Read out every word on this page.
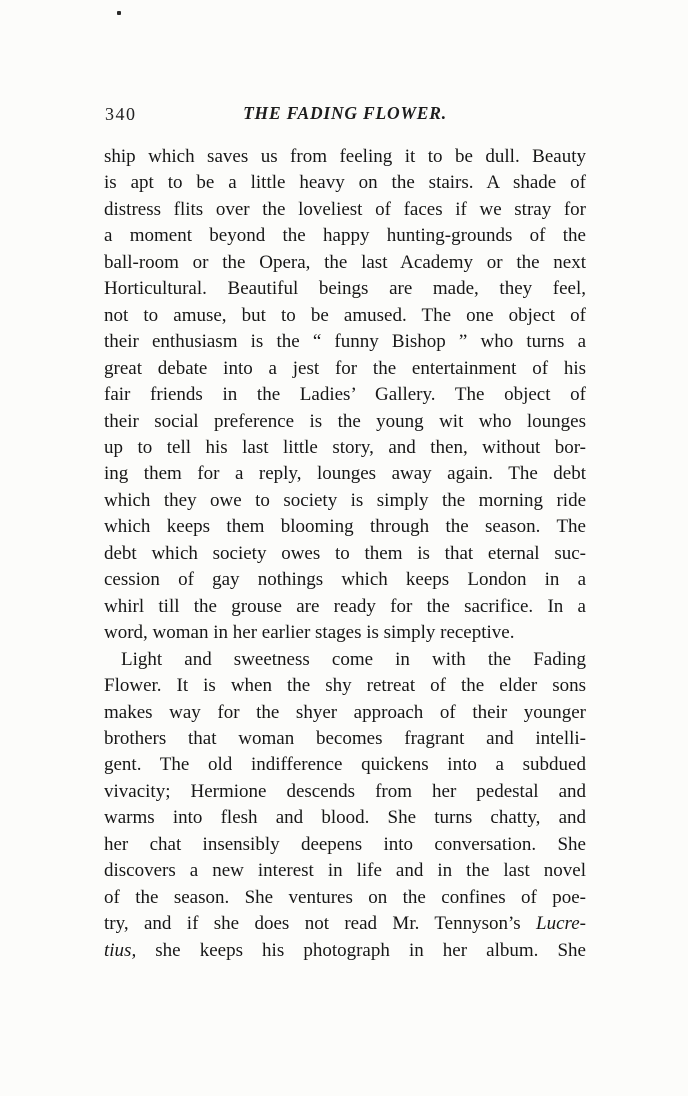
340	THE FADING FLOWER.
ship which saves us from feeling it to be dull. Beauty
is apt to be a little heavy on the stairs. A shade of
distress flits over the loveliest of faces if we stray for
a moment beyond the happy hunting-grounds of the
ball-room or the Opera, the last Academy or the next
Horticultural. Beautiful beings are made, they feel,
not to amuse, but to be amused. The one object of
their enthusiasm is the “ funny Bishop ” who turns a
great debate into a jest for the entertainment of his
fair friends in the Ladies’ Gallery. The object of
their social preference is the young wit who lounges
up to tell his last little story, and then, without bor-
ing them for a reply, lounges away again. The debt
which they owe to society is simply the morning ride
which keeps them blooming through the season. The
debt which society owes to them is that eternal suc-
cession of gay nothings which keeps London in a
whirl till the grouse are ready for the sacrifice. In a
word, woman in her earlier stages is simply receptive.
Light and sweetness come in with the Fading
Flower. It is when the shy retreat of the elder sons
makes way for the shyer approach of their younger
brothers that woman becomes fragrant and intelli-
gent. The old indifference quickens into a subdued
vivacity; Hermione descends from her pedestal and
warms into flesh and blood. She turns chatty, and
her chat insensibly deepens into conversation. She
discovers a new interest in life and in the last novel
of the season. She ventures on the confines of poe-
try, and if she does not read Mr. Tennyson’s Lucre-
tius, she keeps his photograph in her album. She
